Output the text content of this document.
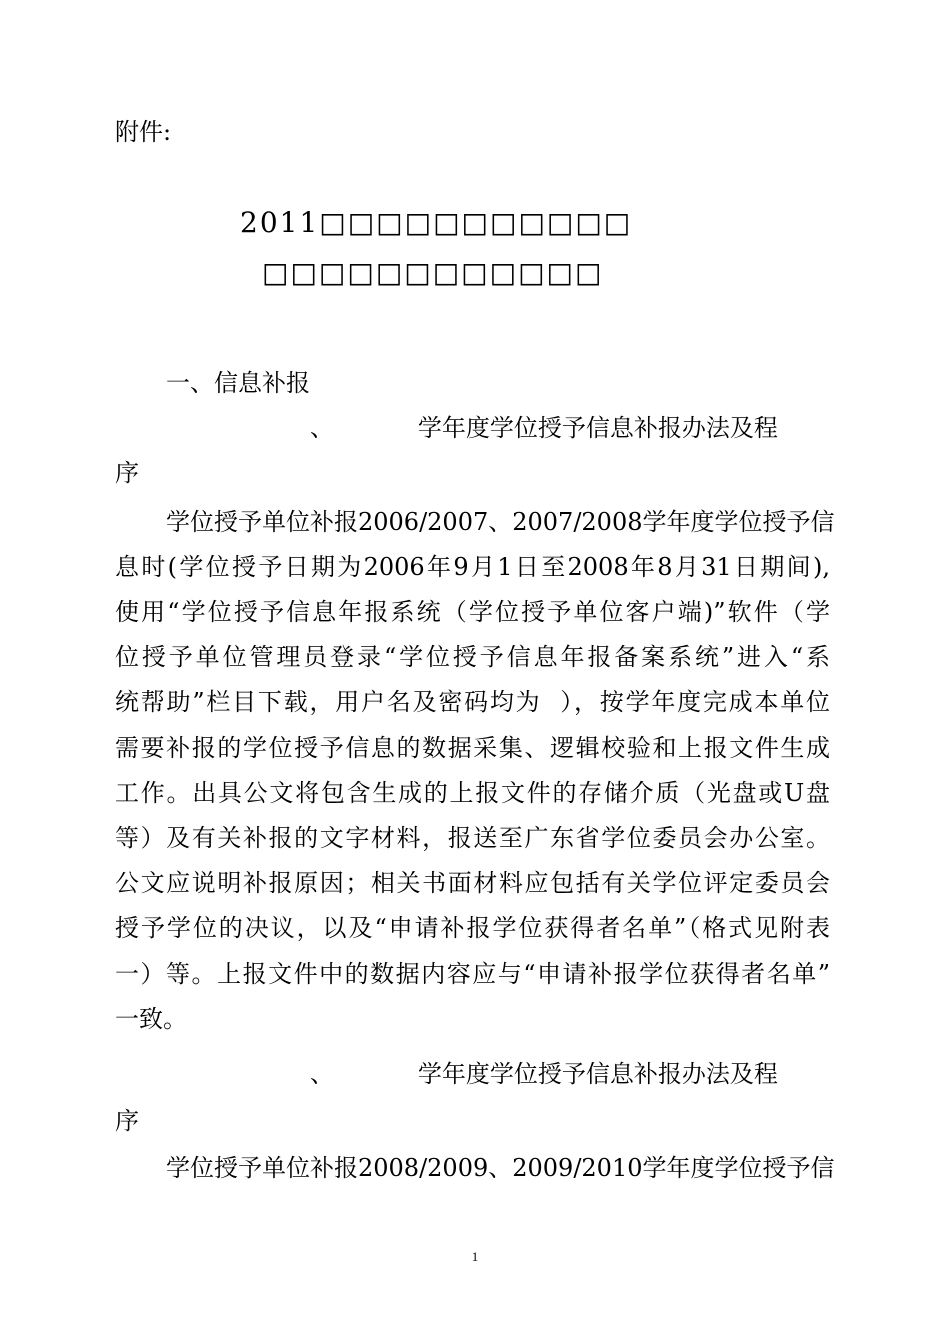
附件:
2011□□□□□□□□□□□
□□□□□□□□□□□□
一、信息补报
、           学年度学位授予信息补报办法及程
序
学位授予单位补报2006/2007、2007/2008学年度学位授予信
息时(学位授予日期为2006年9月1日至2008年8月31日期间),
使用“学位授予信息年报系统（学位授予单位客户端)”软件（学
位授予单位管理员登录“学位授予信息年报备案系统”进入“系
统帮助”栏目下载，用户名及密码均为  ），按学年度完成本单位
需要补报的学位授予信息的数据采集、逻辑校验和上报文件生成
工作。出具公文将包含生成的上报文件的存储介质（光盘或U盘
等）及有关补报的文字材料，报送至广东省学位委员会办公室。
公文应说明补报原因；相关书面材料应包括有关学位评定委员会
授予学位的决议，以及“申请补报学位获得者名单”（格式见附表
一）等。上报文件中的数据内容应与“申请补报学位获得者名单”
一致。
、           学年度学位授予信息补报办法及程
序
学位授予单位补报2008/2009、2009/2010学年度学位授予信
1
